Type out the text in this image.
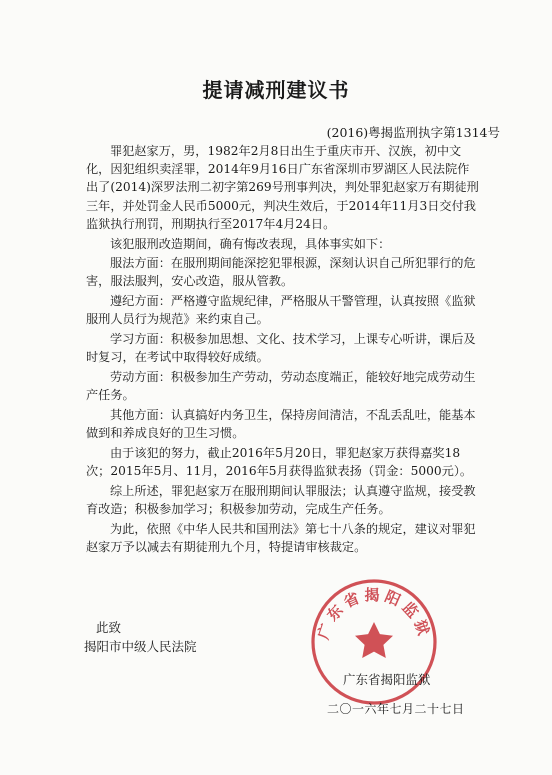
提请减刑建议书
(2016)粤揭监刑执字第1314号

罪犯赵家万，男，1982年2月8日出生于重庆市开、汉族，初中文化，因犯组织卖淫罪，2014年9月16日广东省深圳市罗湖区人民法院作出了(2014)深罗法刑二初字第269号刑事判决，判处罪犯赵家万有期徒刑三年，并处罚金人民币5000元，判决生效后，于2014年11月3日交付我监狱执行刑罚，刑期执行至2017年4月24日。

该犯服刑改造期间，确有悔改表现，具体事实如下：

服法方面：在服刑期间能深挖犯罪根源，深刻认识自己所犯罪行的危害，服法服判，安心改造，服从管教。

遵纪方面：严格遵守监规纪律，严格服从干警管理，认真按照《监狱服刑人员行为规范》来约束自己。

学习方面：积极参加思想、文化、技术学习，上课专心听讲，课后及时复习，在考试中取得较好成绩。

劳动方面：积极参加生产劳动，劳动态度端正，能较好地完成劳动生产任务。

其他方面：认真搞好内务卫生，保持房间清洁，不乱丢乱吐，能基本做到和养成良好的卫生习惯。

由于该犯的努力，截止2016年5月20日，罪犯赵家万获得嘉奖18次；2015年5月、11月，2016年5月获得监狱表扬（罚金：5000元）。

综上所述，罪犯赵家万在服刑期间认罪服法；认真遵守监规，接受教育改造；积极参加学习；积极参加劳动，完成生产任务。

为此，依照《中华人民共和国刑法》第七十八条的规定，建议对罪犯赵家万予以减去有期徒刑九个月，特提请审核裁定。

此致
揭阳市中级人民法院
广东省揭阳监狱
广东省揭阳监狱
二〇一六年七月二十七日
